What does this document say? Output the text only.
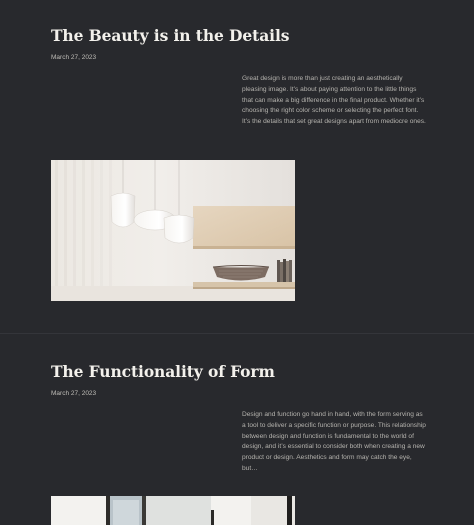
The Beauty is in the Details
March 27, 2023

Great design is more than just creating an aesthetically pleasing image. It’s about paying attention to the little things that can make a big difference in the final product. Whether it’s choosing the right color scheme or selecting the perfect font. It’s the details that set great designs apart from mediocre ones.

The Functionality of Form
March 27, 2023

Design and function go hand in hand, with the form serving as a tool to deliver a specific function or purpose. This relationship between design and function is fundamental to the world of design, and it’s essential to consider both when creating a new product or design. Aesthetics and form may catch the eye, but…
